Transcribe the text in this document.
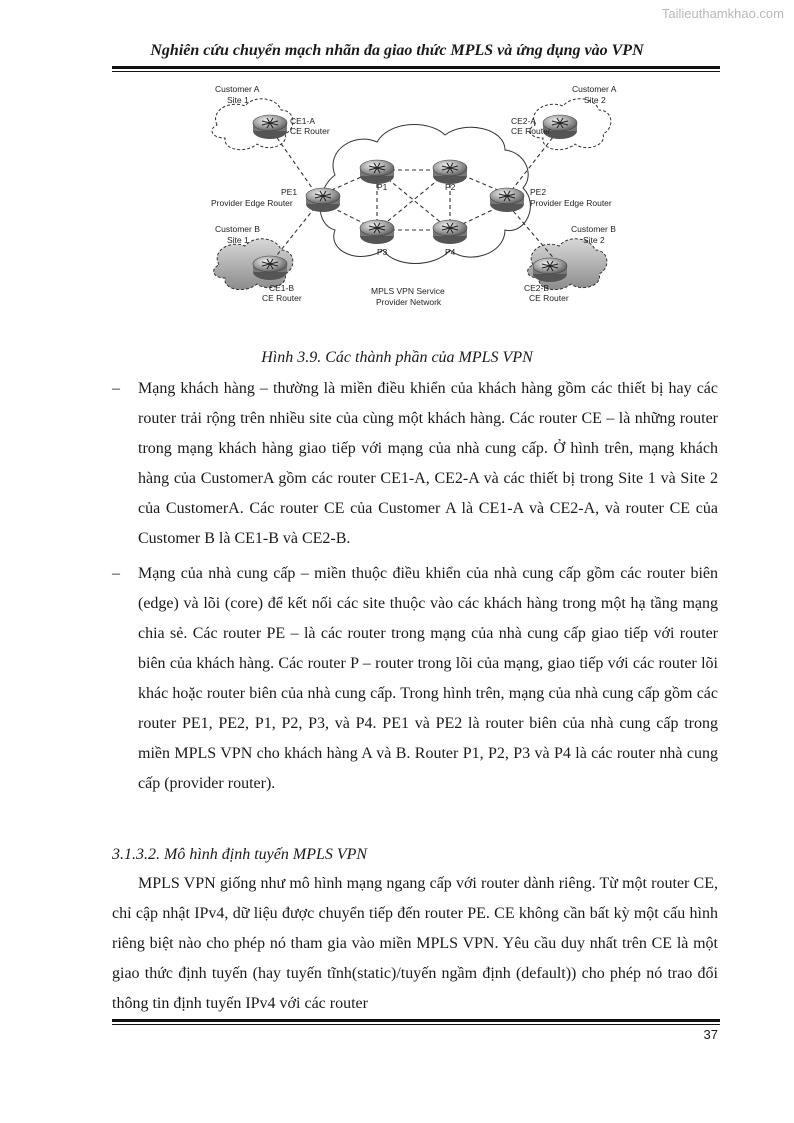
Tailieuthamkhao.com
Nghiên cứu chuyển mạch nhãn đa giao thức MPLS và ứng dụng vào VPN
Customer A
Site 1
Customer A
Site 2
CE1-A
CE Router
CE2-A
CE Router
PE1
Provider Edge Router
PE2
Provider Edge Router
P1	P2
P3	P4
Customer B
Site 1
Customer B
Site 2
CE1-B
CE Router
CE2-B
CE Router
MPLS VPN Service
Provider Network
Hình 3.9. Các thành phần của MPLS VPN
– Mạng khách hàng – thường là miền điều khiển của khách hàng gồm các thiết bị hay các router trải rộng trên nhiều site của cùng một khách hàng. Các router CE – là những router trong mạng khách hàng giao tiếp với mạng của nhà cung cấp. Ở hình trên, mạng khách hàng của CustomerA gồm các router CE1-A, CE2-A và các thiết bị trong Site 1 và Site 2 của CustomerA. Các router CE của Customer A là CE1-A và CE2-A, và router CE của Customer B là CE1-B và CE2-B.
– Mạng của nhà cung cấp – miền thuộc điều khiển của nhà cung cấp gồm các router biên (edge) và lõi (core) để kết nối các site thuộc vào các khách hàng trong một hạ tầng mạng chia sẻ. Các router PE – là các router trong mạng của nhà cung cấp giao tiếp với router biên của khách hàng. Các router P – router trong lõi của mạng, giao tiếp với các router lõi khác hoặc router biên của nhà cung cấp. Trong hình trên, mạng của nhà cung cấp gồm các router PE1, PE2, P1, P2, P3, và P4. PE1 và PE2 là router biên của nhà cung cấp trong miền MPLS VPN cho khách hàng A và B. Router P1, P2, P3 và P4 là các router nhà cung cấp (provider router).
3.1.3.2. Mô hình định tuyến MPLS VPN
MPLS VPN giống như mô hình mạng ngang cấp với router dành riêng. Từ một router CE, chỉ cập nhật IPv4, dữ liệu được chuyển tiếp đến router PE. CE không cần bất kỳ một cấu hình riêng biệt nào cho phép nó tham gia vào miền MPLS VPN. Yêu cầu duy nhất trên CE là một giao thức định tuyến (hay tuyến tĩnh(static)/tuyến ngầm định (default)) cho phép nó trao đổi thông tin định tuyến IPv4 với các router
37
